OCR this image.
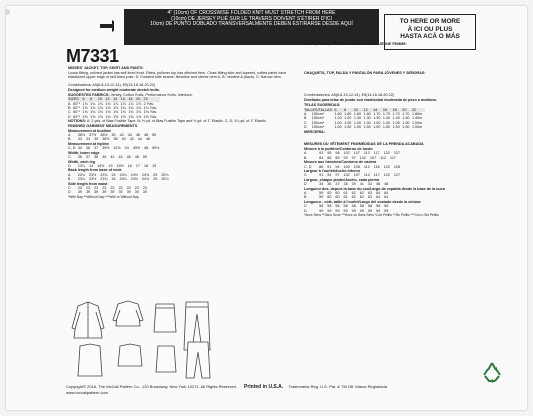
4" (10cm) OF CROSSWISE FOLDED KNIT MUST STRETCH FROM HERE
(10cm) DE JERSEY PLIÉ SUR LE TRAVERS DOIVENT S'ÉTIRER D'ICI
10cm) DE PUNTO DOBLADO TRANSVERSALMENTE DEBEN ESTIRARSE DESDE AQUÍ	TO HERE OR MORE
À ICI OU PLUS
HASTA ACÁ O MÁS
M7331
MISSES' JACKET, TOP, SKIRT AND PANTS:
Loose-fitting, unlined jacket has self-lined front. Fitted, pullover top has stitched hem. Close-fitting skirt and tapered, cuffed pants have elasticized upper edge of self-lined yoke. D: Forward side seams. Neckline and sleeve hem A, B, hemline A (back). C: Narrow hem.
Combinations: A5(6-8-10-12-14), E5(14-16-18-20-22)
Designed for medium weight moderate stretch knits.
SUGGESTED FABRICS: Jersey, Cotton Knits, Performance Knits, Interlock.
SIZES		6	8	10	12	14	16	18	20	22
A	60"*	1¾	1¾	1¾	1¾	1⅞	1⅞	1⅞	1⅞	2 Yds.
B	60"*	1⅝	1⅝	1⅝	1⅝	1⅝	1¾	1¾	1¾	1¾ Yds.
C	60"*	1⅛	1⅛	1⅛	1⅛	1⅛	1⅛	1⅛	1⅛	1⅛ Yds.
D	60"*	1⅝	1⅝	1⅝	1⅝	1⅝	1⅝	1⅝	1⅝	1⅝ Yds.
NOTIONS: A: 2 yds. of Bias Fusible Tape. B: ½ yd. of Bias Fusible Tape and ¾ yd. of 1" Elastic. C, D: 1¼ yd. of 1" Elastic.
FINISHED GARMENT MEASUREMENTS
Measurement at bustline	
A	36½ 37½ 38½ 40 42 44 46 48 50
B	33 34 35 36½ 38 40 42 44 46
Measurement at hipline	
C, D	34 36 37 39½ 41½ 44 45½ 48 50½
Width, lower edge	
C	36 37 38 40 42 44 46 48 50
Width, each leg	
D	13¼ 14 14½ 15 15½ 16 17 18 19
Back length from base of neck	
A	23¼ 23½ 23¾ 24 24¼ 24½ 24¾ 25 25¼
B	23¼ 23½ 23¾ 24 24¼ 24½ 24¾ 25 25¼
Side length from waist	
C	23 23 23 23 23 23 23 23 23
D	39 39 39 39 39 39 39 39 39
*With Nap **Without Nap ***With or Without Nap
VESTE, HAUT, JUPE ET PANTALON POUR JEUNE FEMME:
CHAQUETA, TOP, FALDA Y PANTALÓN PARA JÓVENES Y SEÑORAS:
Combinaciones: A5(6-8-10-12-14), E5(14-16-18-20-22)
Diseñado para telas de punto con elasticidad moderada de peso a mediano.
TELAS SUGERIDAS:
TALLES/TALLAS		6	8	10	12	14	16	18	20	22
A	150cm*	1.60	1.60	1.60	1.60	1.70	1.70	1.70	1.70	1.80m
B	150cm*	1.20	1.20	1.30	1.30	1.30	1.40	1.40	1.40	1.40m
C	150cm*	1.00	1.00	1.00	1.00	1.00	1.00	1.00	1.00	1.00m
D	150cm*	1.50	1.50	1.50	1.50	1.50	1.50	1.50	1.50	1.50m
MERCERÍA:
MESURES DU VÊTEMENT FINI/MEDIDAS DE LA PRENDA ACABADA
Mesure à la poitrine/Contorno de busto	
A	93 95 98 102 107 112 117 122 127
B	84 86 89 93 97 102 107 112 117
Mesure aux hanches/Contorno de cadera	
C, D	86 91 94 100 105 112 116 122 128
Largeur à l'ourlet/Ancho inferior	
C	91 94 97 102 107 112 117 122 127
Largeur, chaque jambe/Ancho, cada pierna	
D	34 36 37 38 39 41 43 46 48
Longueur dos, depuis la base du cou/Largo de espalda desde la base de la nuca	
A	59 60 60 61 62 62 63 64 64
B	59 60 60 61 62 62 63 64 64
Longueur - côté, taille à l'ourlet/Largo del costado desde la cintura	
C	58 58 58 58 58 58 58 58 58
D	99 99 99 99 99 99 99 99 99
*Avec Sens **Sans Sens ***Avec ou Sans Sens *Con Pelillo **Sin Pelillo ***Con o Sin Pelillo
Copyright© 2016, The McCall Pattern Co., 120 Broadway, New York 10271. All Rights Reserved. Printed in U.S.A. Trademarks Reg. U.S. Pat. & TM Off. Marca Registrada
www.mccallpattern.com
